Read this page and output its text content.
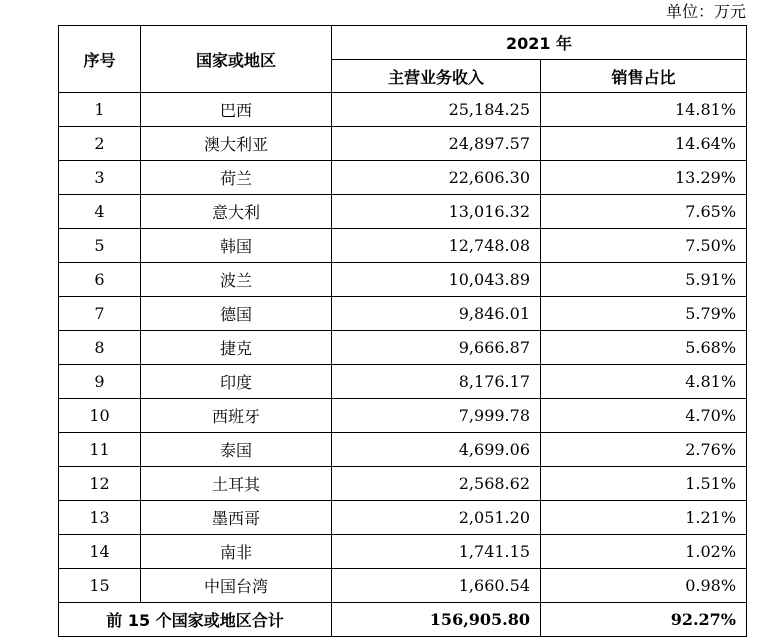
单位：万元
序号	国家或地区	2021 年	
		主营业务收入	销售占比
1	巴西	25,184.25	14.81%
2	澳大利亚	24,897.57	14.64%
3	荷兰	22,606.30	13.29%
4	意大利	13,016.32	7.65%
5	韩国	12,748.08	7.50%
6	波兰	10,043.89	5.91%
7	德国	9,846.01	5.79%
8	捷克	9,666.87	5.68%
9	印度	8,176.17	4.81%
10	西班牙	7,999.78	4.70%
11	泰国	4,699.06	2.76%
12	土耳其	2,568.62	1.51%
13	墨西哥	2,051.20	1.21%
14	南非	1,741.15	1.02%
15	中国台湾	1,660.54	0.98%
前 15 个国家或地区合计		156,905.80	92.27%
